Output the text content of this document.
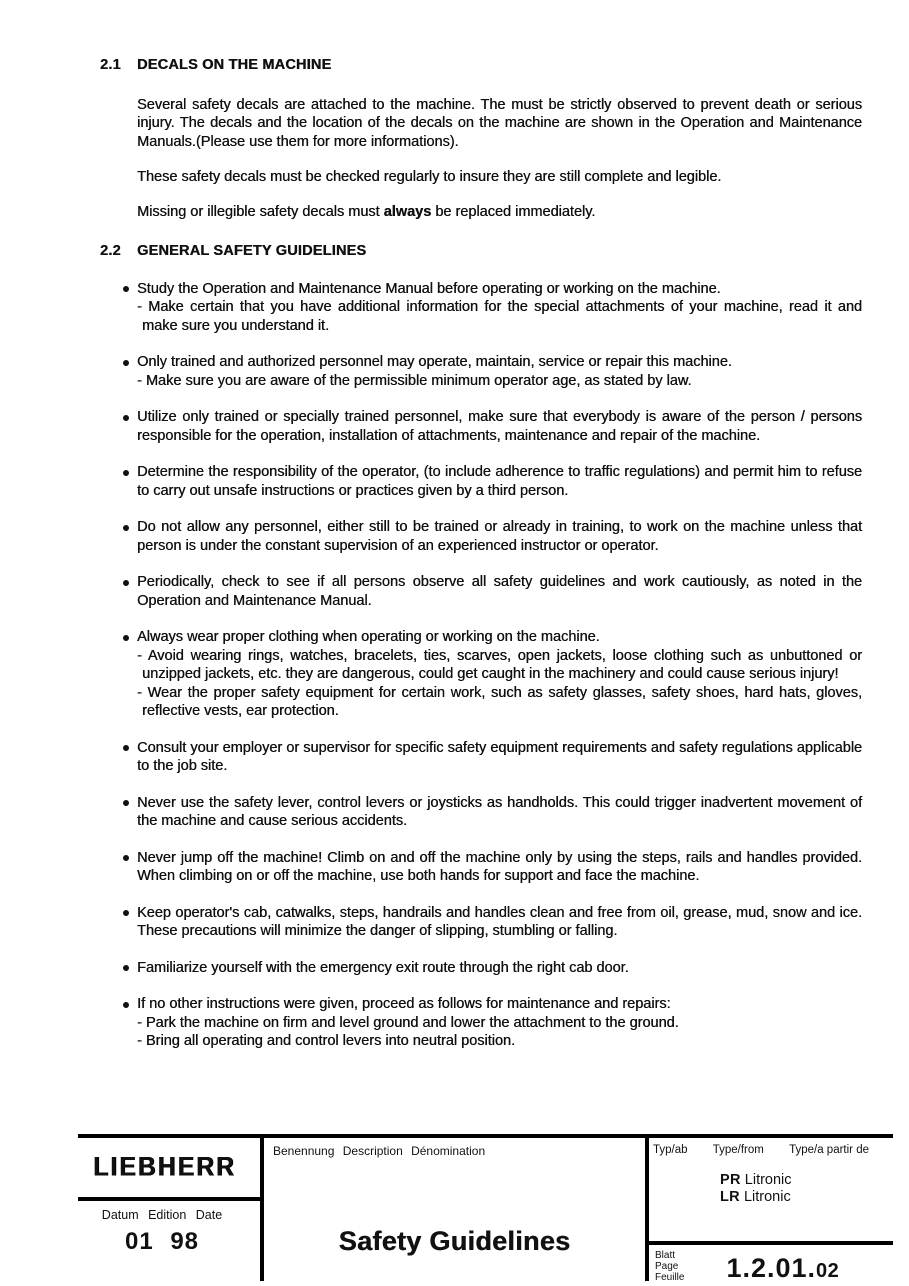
2.1 DECALS ON THE MACHINE

Several safety decals are attached to the machine. The must be strictly observed to prevent death or serious injury. The decals and the location of the decals on the machine are shown in the Operation and Maintenance Manuals.(Please use them for more informations).

These safety decals must be checked regularly to insure they are still complete and legible.

Missing or illegible safety decals must always be replaced immediately.

2.2 GENERAL SAFETY GUIDELINES

Study the Operation and Maintenance Manual before operating or working on the machine.

- Make certain that you have additional information for the special attachments of your machine, read it and make sure you understand it.

Only trained and authorized personnel may operate, maintain, service or repair this machine.

- Make sure you are aware of the permissible minimum operator age, as stated by law.

Utilize only trained or specially trained personnel, make sure that everybody is aware of the person / persons responsible for the operation, installation of attachments, maintenance and repair of the machine.

Determine the responsibility of the operator, (to include adherence to traffic regulations) and permit him to refuse to carry out unsafe instructions or practices given by a third person.

Do not allow any personnel, either still to be trained or already in training, to work on the machine unless that person is under the constant supervision of an experienced instructor or operator.

Periodically, check to see if all persons observe all safety guidelines and work cautiously, as noted in the Operation and Maintenance Manual.

Always wear proper clothing when operating or working on the machine.

- Avoid wearing rings, watches, bracelets, ties, scarves, open jackets, loose clothing such as unbuttoned or unzipped jackets, etc. they are dangerous, could get caught in the machinery and could cause serious injury!

- Wear the proper safety equipment for certain work, such as safety glasses, safety shoes, hard hats, gloves, reflective vests, ear protection.

Consult your employer or supervisor for specific safety equipment requirements and safety regulations applicable to the job site.

Never use the safety lever, control levers or joysticks as handholds. This could trigger inadvertent movement of the machine and cause serious accidents.

Never jump off the machine! Climb on and off the machine only by using the steps, rails and handles provided. When climbing on or off the machine, use both hands for support and face the machine.

Keep operator's cab, catwalks, steps, handrails and handles clean and free from oil, grease, mud, snow and ice. These precautions will minimize the danger of slipping, stumbling or falling.

Familiarize yourself with the emergency exit route through the right cab door.

If no other instructions were given, proceed as follows for maintenance and repairs:

- Park the machine on firm and level ground and lower the attachment to the ground.

- Bring all operating and control levers into neutral position.

LIEBHERR
Datum Edition Date
01 98
Benennung Description Dénomination
Safety Guidelines
Typ/ab Type/from Type/a partir de
PR Litronic
LR Litronic
Blatt
Page
Feuille 1.2.01.02
